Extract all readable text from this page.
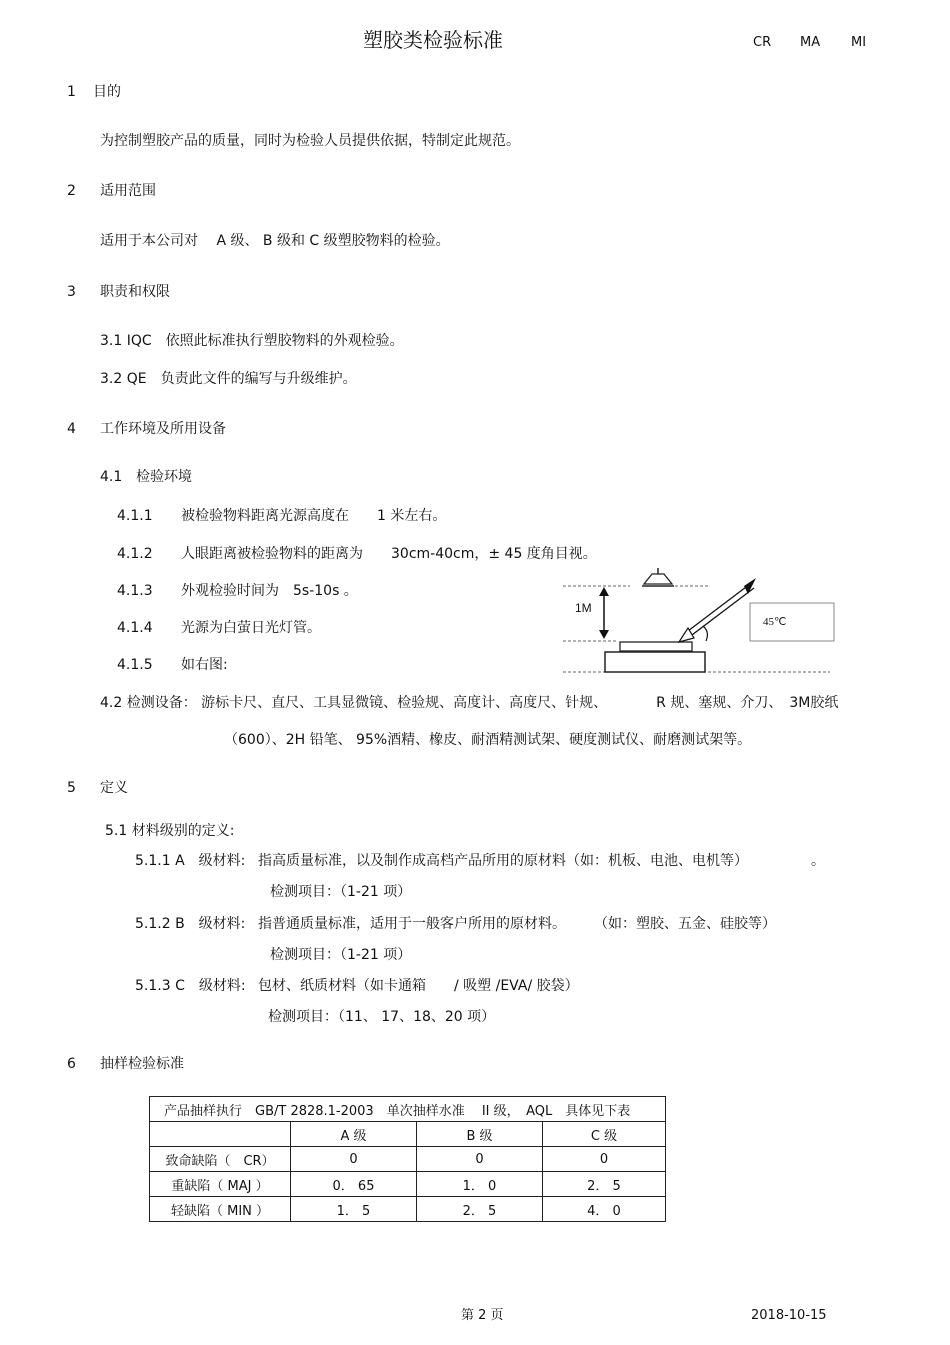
塑胶类检验标准	CR MA MI
1 目的
为控制塑胶产品的质量，同时为检验人员提供依据，特制定此规范。
2 适用范围
适用于本公司对　 A 级、 B 级和 C 级塑胶物料的检验。
3 职责和权限
3.1 IQC　依照此标准执行塑胶物料的外观检验。
3.2 QE　负责此文件的编写与升级维护。
4 工作环境及所用设备
4.1 检验环境
4.1.1 被检验物料距离光源高度在　　1 米左右。
4.1.2 人眼距离被检验物料的距离为　　30cm-40cm，± 45 度角目视。
4.1.3 外观检验时间为　5s-10s 。
4.1.4 光源为白萤日光灯管。
4.1.5 如右图:
1M
45℃
4.2 检测设备： 游标卡尺、直尺、工具显微镜、检验规、高度计、高度尺、针规、　　　　R 规、塞规、介刀、　3M胶纸
（600）、2H 铅笔、 95%酒精、橡皮、耐酒精测试架、硬度测试仪、耐磨测试架等。
5 定义
5.1 材料级别的定义:
5.1.1 A　级材料: 指高质量标准，以及制作成高档产品所用的原材料（如：机板、电池、电机等）　　　　　。
检测项目：（1-21 项）
5.1.2 B　级材料: 指普通质量标准，适用于一般客户所用的原材料。　　　（如：塑胶、五金、硅胶等）
检测项目：（1-21 项）
5.1.3 C　级材料: 包材、纸质材料（如卡通箱　　/ 吸塑 /EVA/ 胶袋）
检测项目：（11、 17、18、20 项）
6 抽样检验标准
产品抽样执行　GB/T 2828.1-2003　单次抽样水准　 II 级，　AQL　具体见下表			
	A 级	B 级	C 级
致命缺陷（　CR）	0	0	0
重缺陷（ MAJ ）	0． 65	1． 0	2． 5
轻缺陷（ MIN ）	1． 5	2． 5	4． 0
第 2 页	2018-10-15
